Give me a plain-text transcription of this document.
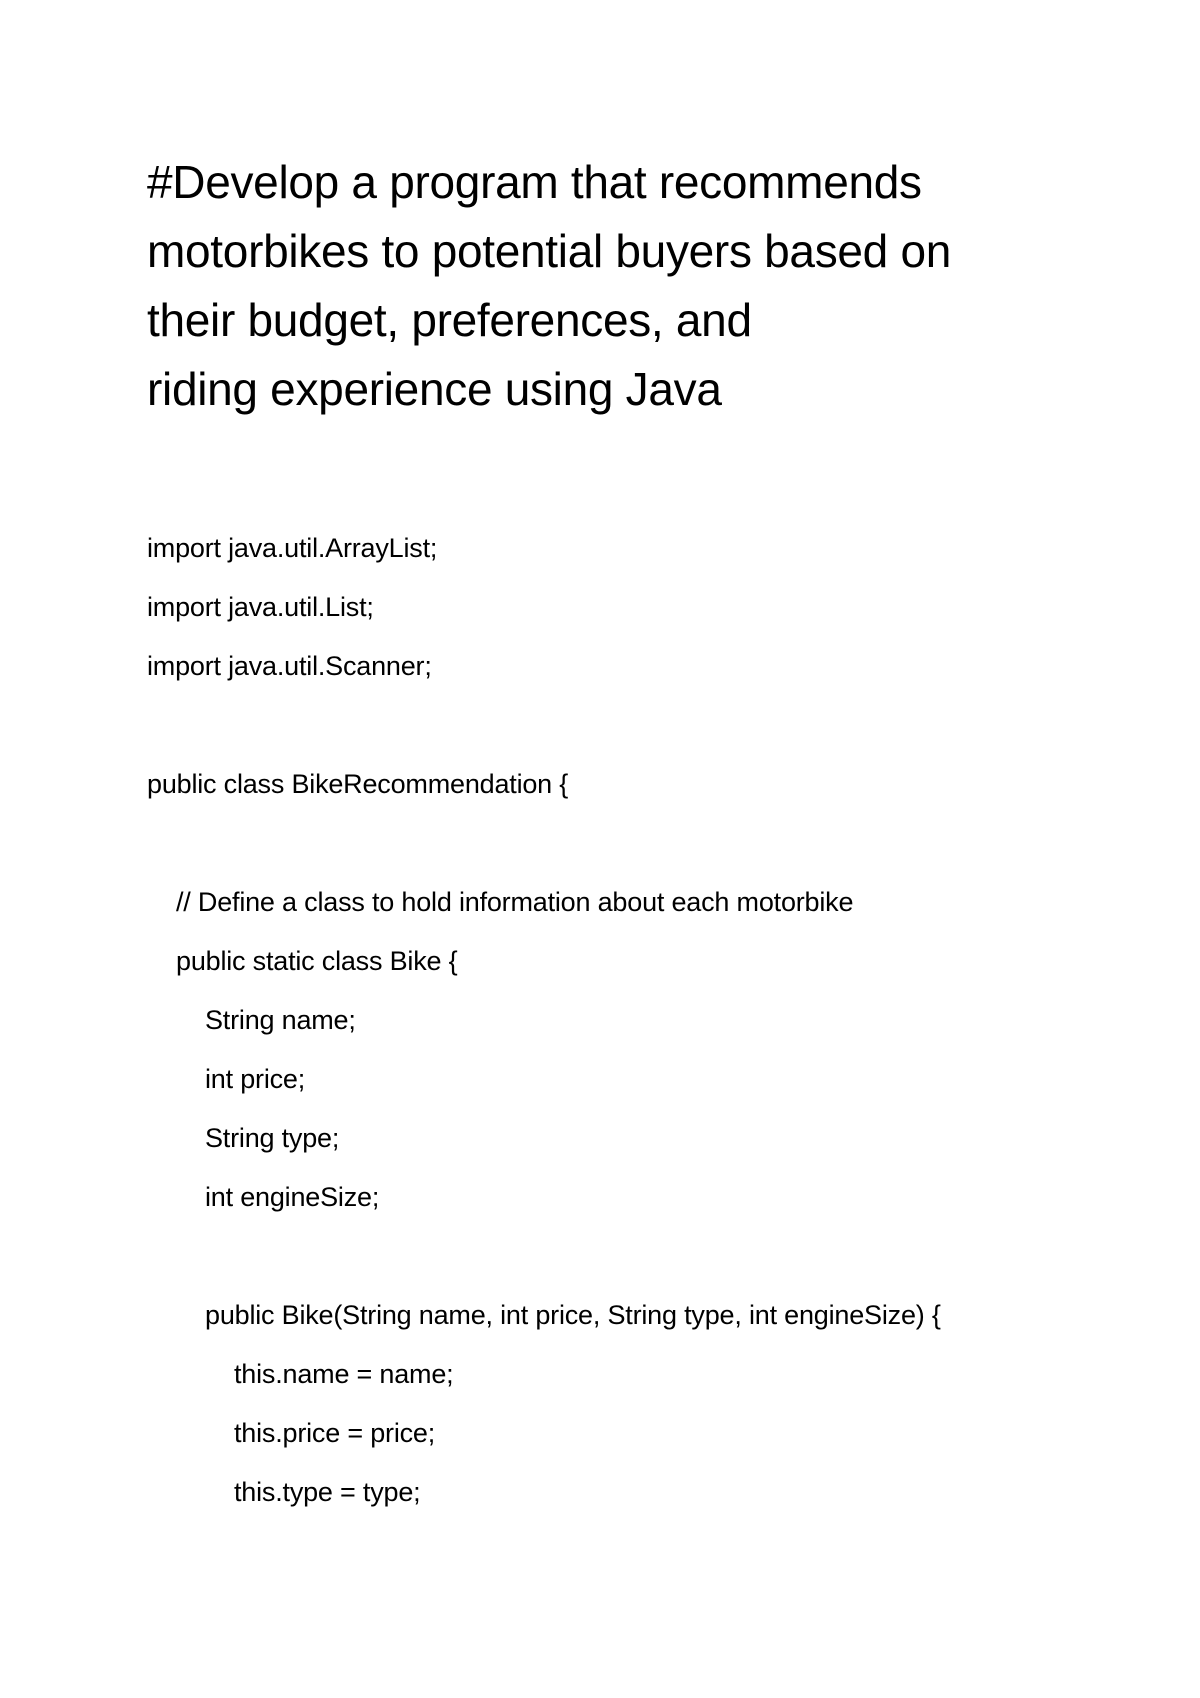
#Develop a program that recommends
motorbikes to potential buyers based on
their budget, preferences, and
riding experience using Java

import java.util.ArrayList;

import java.util.List;

import java.util.Scanner;

public class BikeRecommendation {

// Define a class to hold information about each motorbike

public static class Bike {

String name;

int price;

String type;

int engineSize;

public Bike(String name, int price, String type, int engineSize) {

this.name = name;

this.price = price;

this.type = type;
